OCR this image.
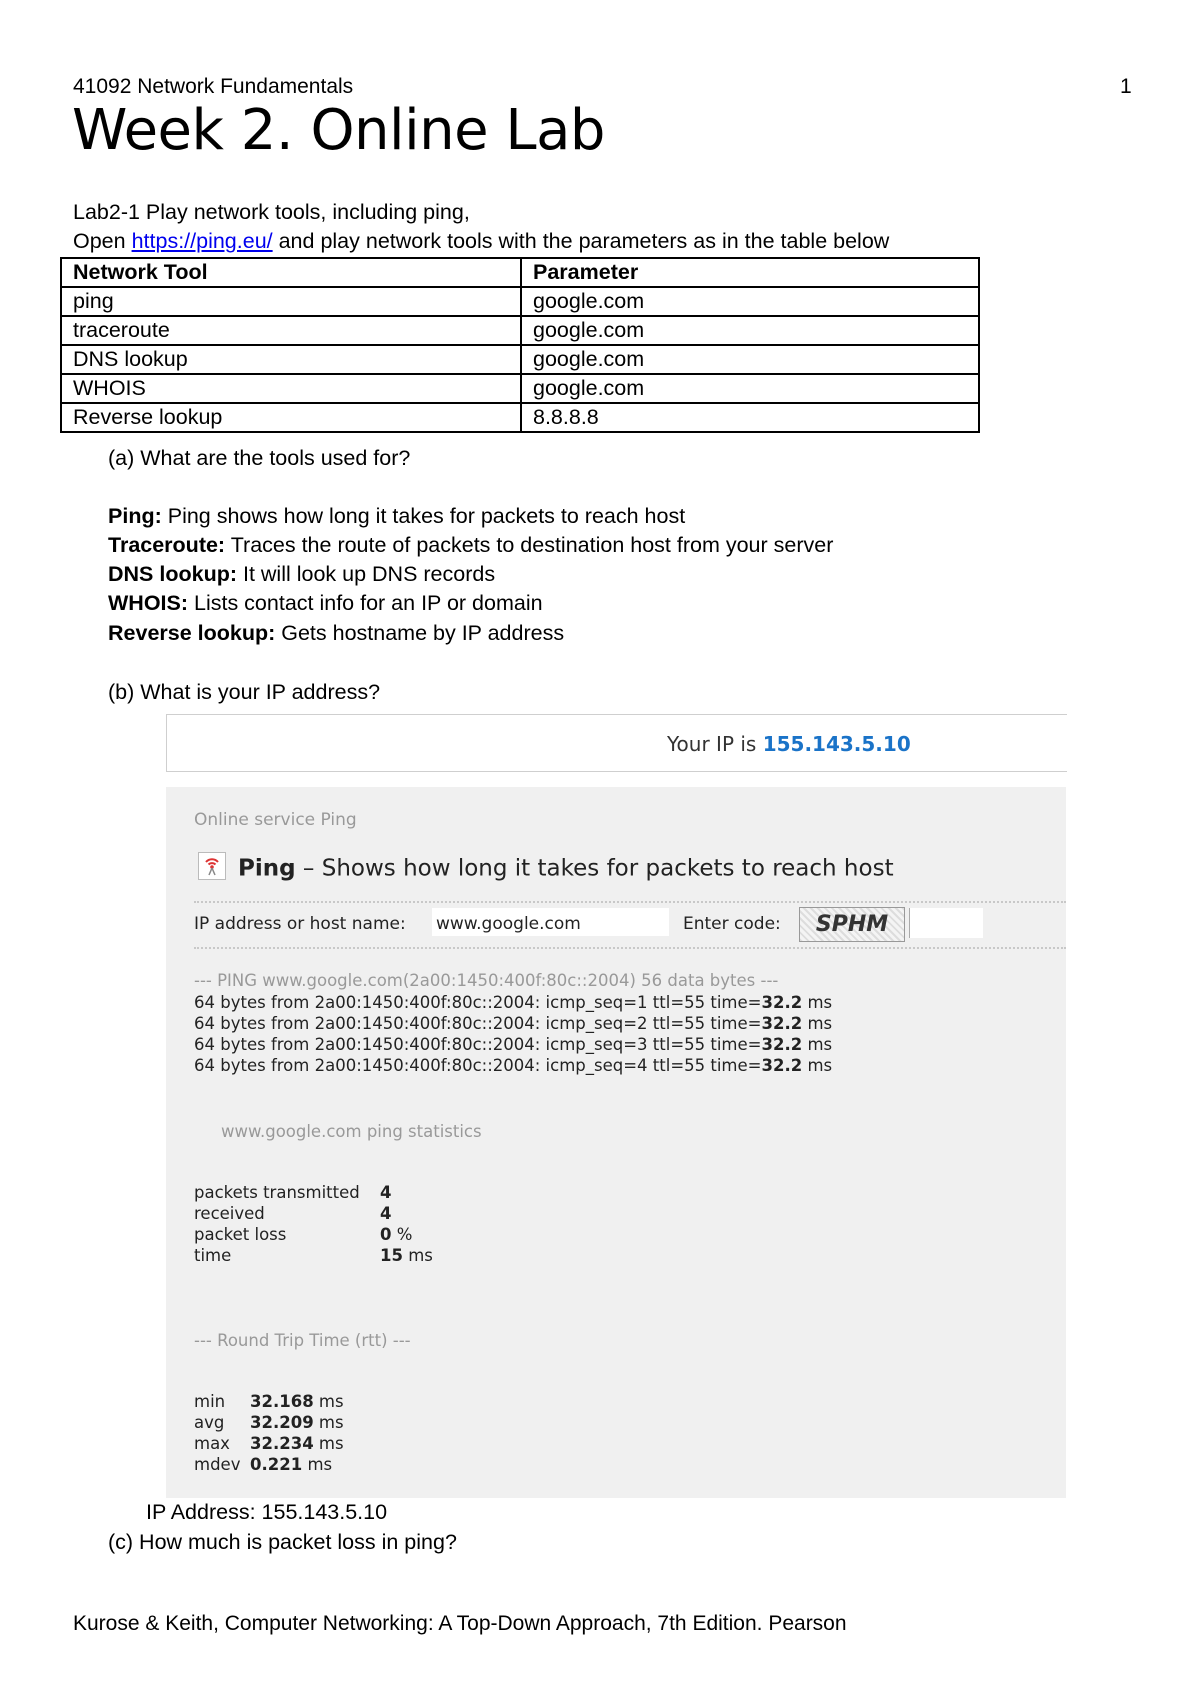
41092 Network Fundamentals	1
Week 2. Online Lab
Lab2-1 Play network tools, including ping,
Open https://ping.eu/ and play network tools with the parameters as in the table below
Network Tool	Parameter
ping	google.com
traceroute	google.com
DNS lookup	google.com
WHOIS	google.com
Reverse lookup	8.8.8.8
(a) What are the tools used for?
Ping: Ping shows how long it takes for packets to reach host
Traceroute: Traces the route of packets to destination host from your server
DNS lookup: It will look up DNS records
WHOIS: Lists contact info for an IP or domain
Reverse lookup: Gets hostname by IP address
(b) What is your IP address?
Your IP is 155.143.5.10
Online service Ping
Ping – Shows how long it takes for packets to reach host
IP address or host name: www.google.com	Enter code:	SPHM
--- PING www.google.com(2a00:1450:400f:80c::2004) 56 data bytes ---
64 bytes from 2a00:1450:400f:80c::2004: icmp_seq=1 ttl=55 time=32.2 ms
64 bytes from 2a00:1450:400f:80c::2004: icmp_seq=2 ttl=55 time=32.2 ms
64 bytes from 2a00:1450:400f:80c::2004: icmp_seq=3 ttl=55 time=32.2 ms
64 bytes from 2a00:1450:400f:80c::2004: icmp_seq=4 ttl=55 time=32.2 ms
www.google.com ping statistics
packets transmitted 4
received	4
packet loss	0 %
time	15 ms
--- Round Trip Time (rtt) ---
min 32.168 ms
avg 32.209 ms
max 32.234 ms
mdev 0.221 ms
IP Address: 155.143.5.10
(c) How much is packet loss in ping?
Kurose & Keith, Computer Networking: A Top-Down Approach, 7th Edition. Pearson
